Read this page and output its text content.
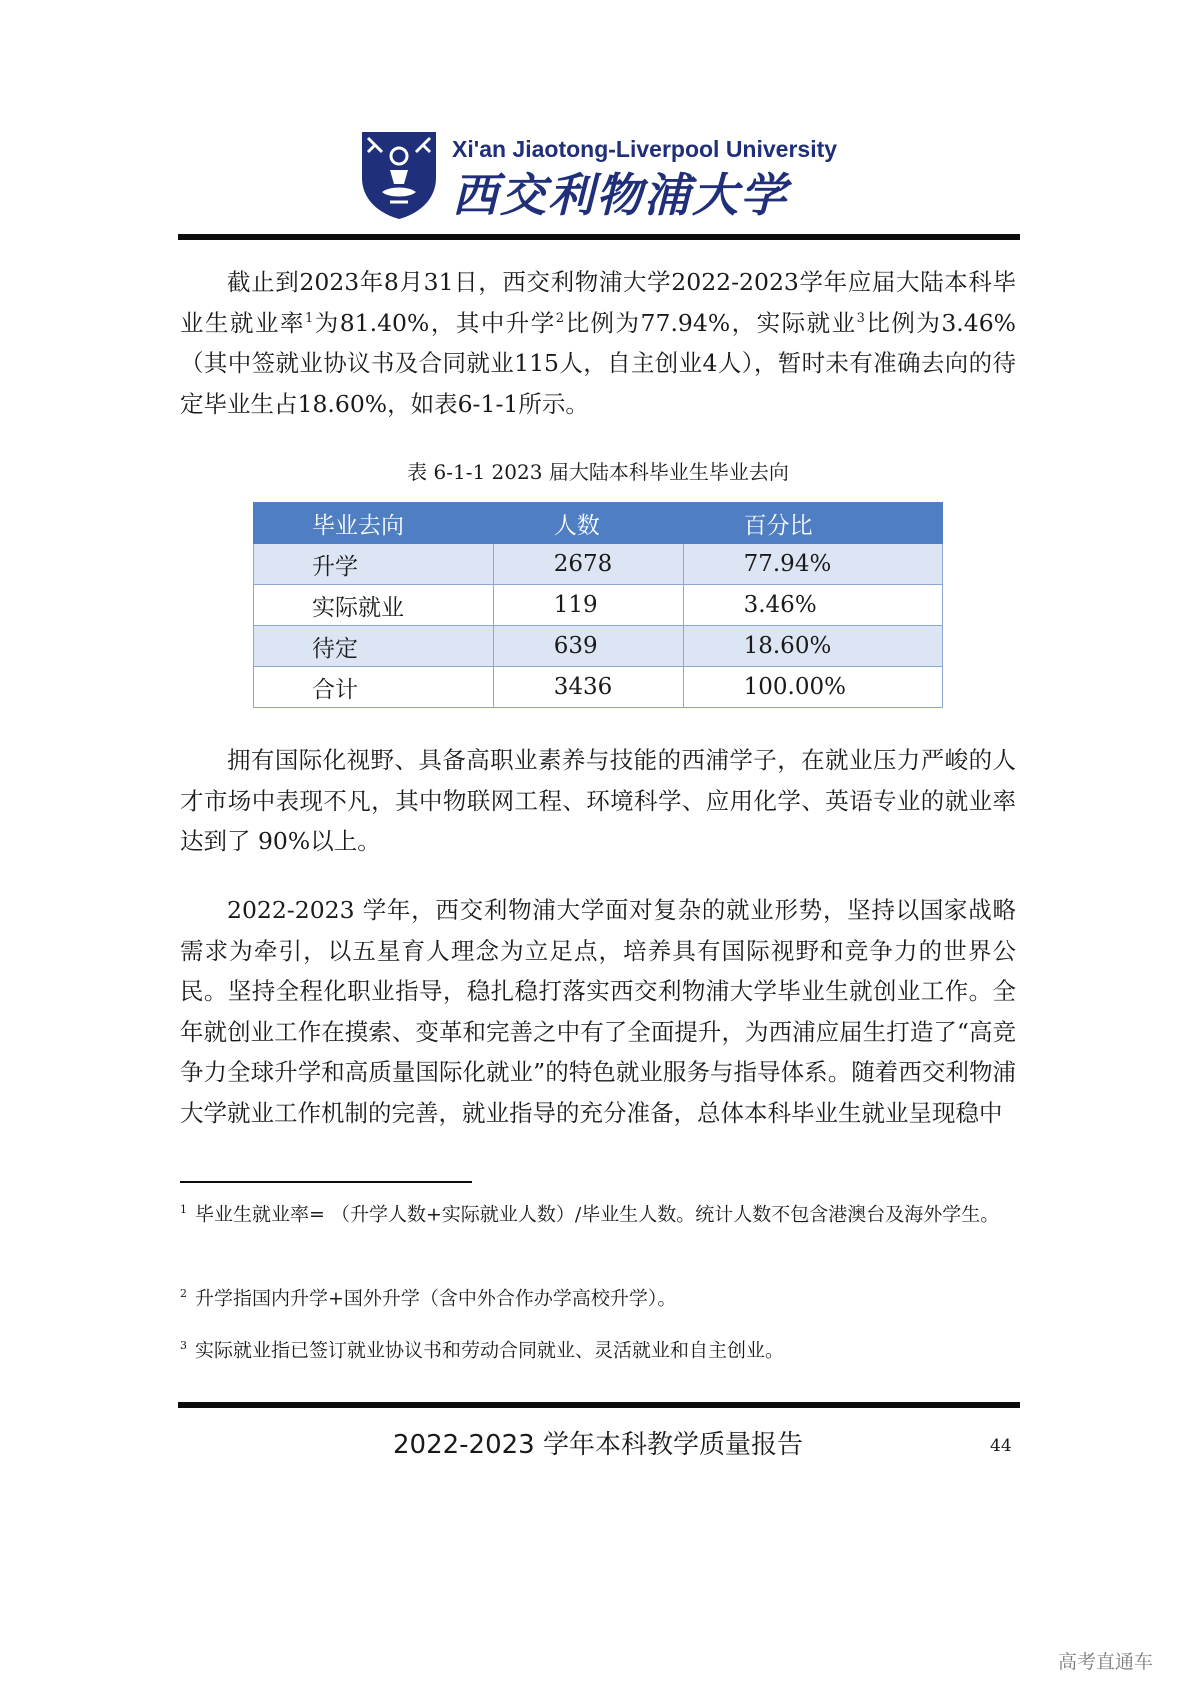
Xi'an Jiaotong-Liverpool University
西交利物浦大学
截止到2023年8月31日，西交利物浦大学2022-2023学年应届大陆本科毕业生就业率$^1$为81.40%，其中升学$^2$比例为77.94%，实际就业$^3$比例为3.46%（其中签就业协议书及合同就业115人，自主创业4人），暂时未有准确去向的待定毕业生占18.60%，如表6-1-1所示。
表 6-1-1 2023 届大陆本科毕业生毕业去向
毕业去向	人数	百分比
升学	2678	77.94%
实际就业	119	3.46%
待定	639	18.60%
合计	3436	100.00%
拥有国际化视野、具备高职业素养与技能的西浦学子，在就业压力严峻的人才市场中表现不凡，其中物联网工程、环境科学、应用化学、英语专业的就业率达到了 90%以上。
2022-2023 学年，西交利物浦大学面对复杂的就业形势，坚持以国家战略需求为牵引，以五星育人理念为立足点，培养具有国际视野和竞争力的世界公民。坚持全程化职业指导，稳扎稳打落实西交利物浦大学毕业生就创业工作。全年就创业工作在摸索、变革和完善之中有了全面提升，为西浦应届生打造了“高竞争力全球升学和高质量国际化就业”的特色就业服务与指导体系。随着西交利物浦大学就业工作机制的完善，就业指导的充分准备，总体本科毕业生就业呈现稳中
$^1$ 毕业生就业率= （升学人数+实际就业人数）/毕业生人数。统计人数不包含港澳台及海外学生。
$^2$ 升学指国内升学+国外升学（含中外合作办学高校升学）。
$^3$ 实际就业指已签订就业协议书和劳动合同就业、灵活就业和自主创业。
2022-2023 学年本科教学质量报告	44
高考直通车
